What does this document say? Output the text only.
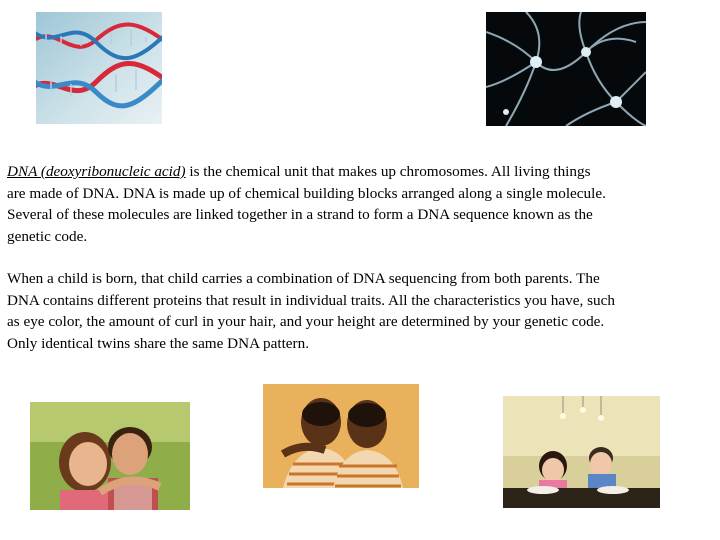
DNA (deoxyribonucleic acid) is the chemical unit that makes up chromosomes. All living things
are made of DNA. DNA is made up of chemical building blocks arranged along a single molecule.
Several of these molecules are linked together in a strand to form a DNA sequence known as the
genetic code.

When a child is born, that child carries a combination of DNA sequencing from both parents. The
DNA contains different proteins that result in individual traits. All the characteristics you have, such
as eye color, the amount of curl in your hair, and your height are determined by your genetic code.
Only identical twins share the same DNA pattern.
